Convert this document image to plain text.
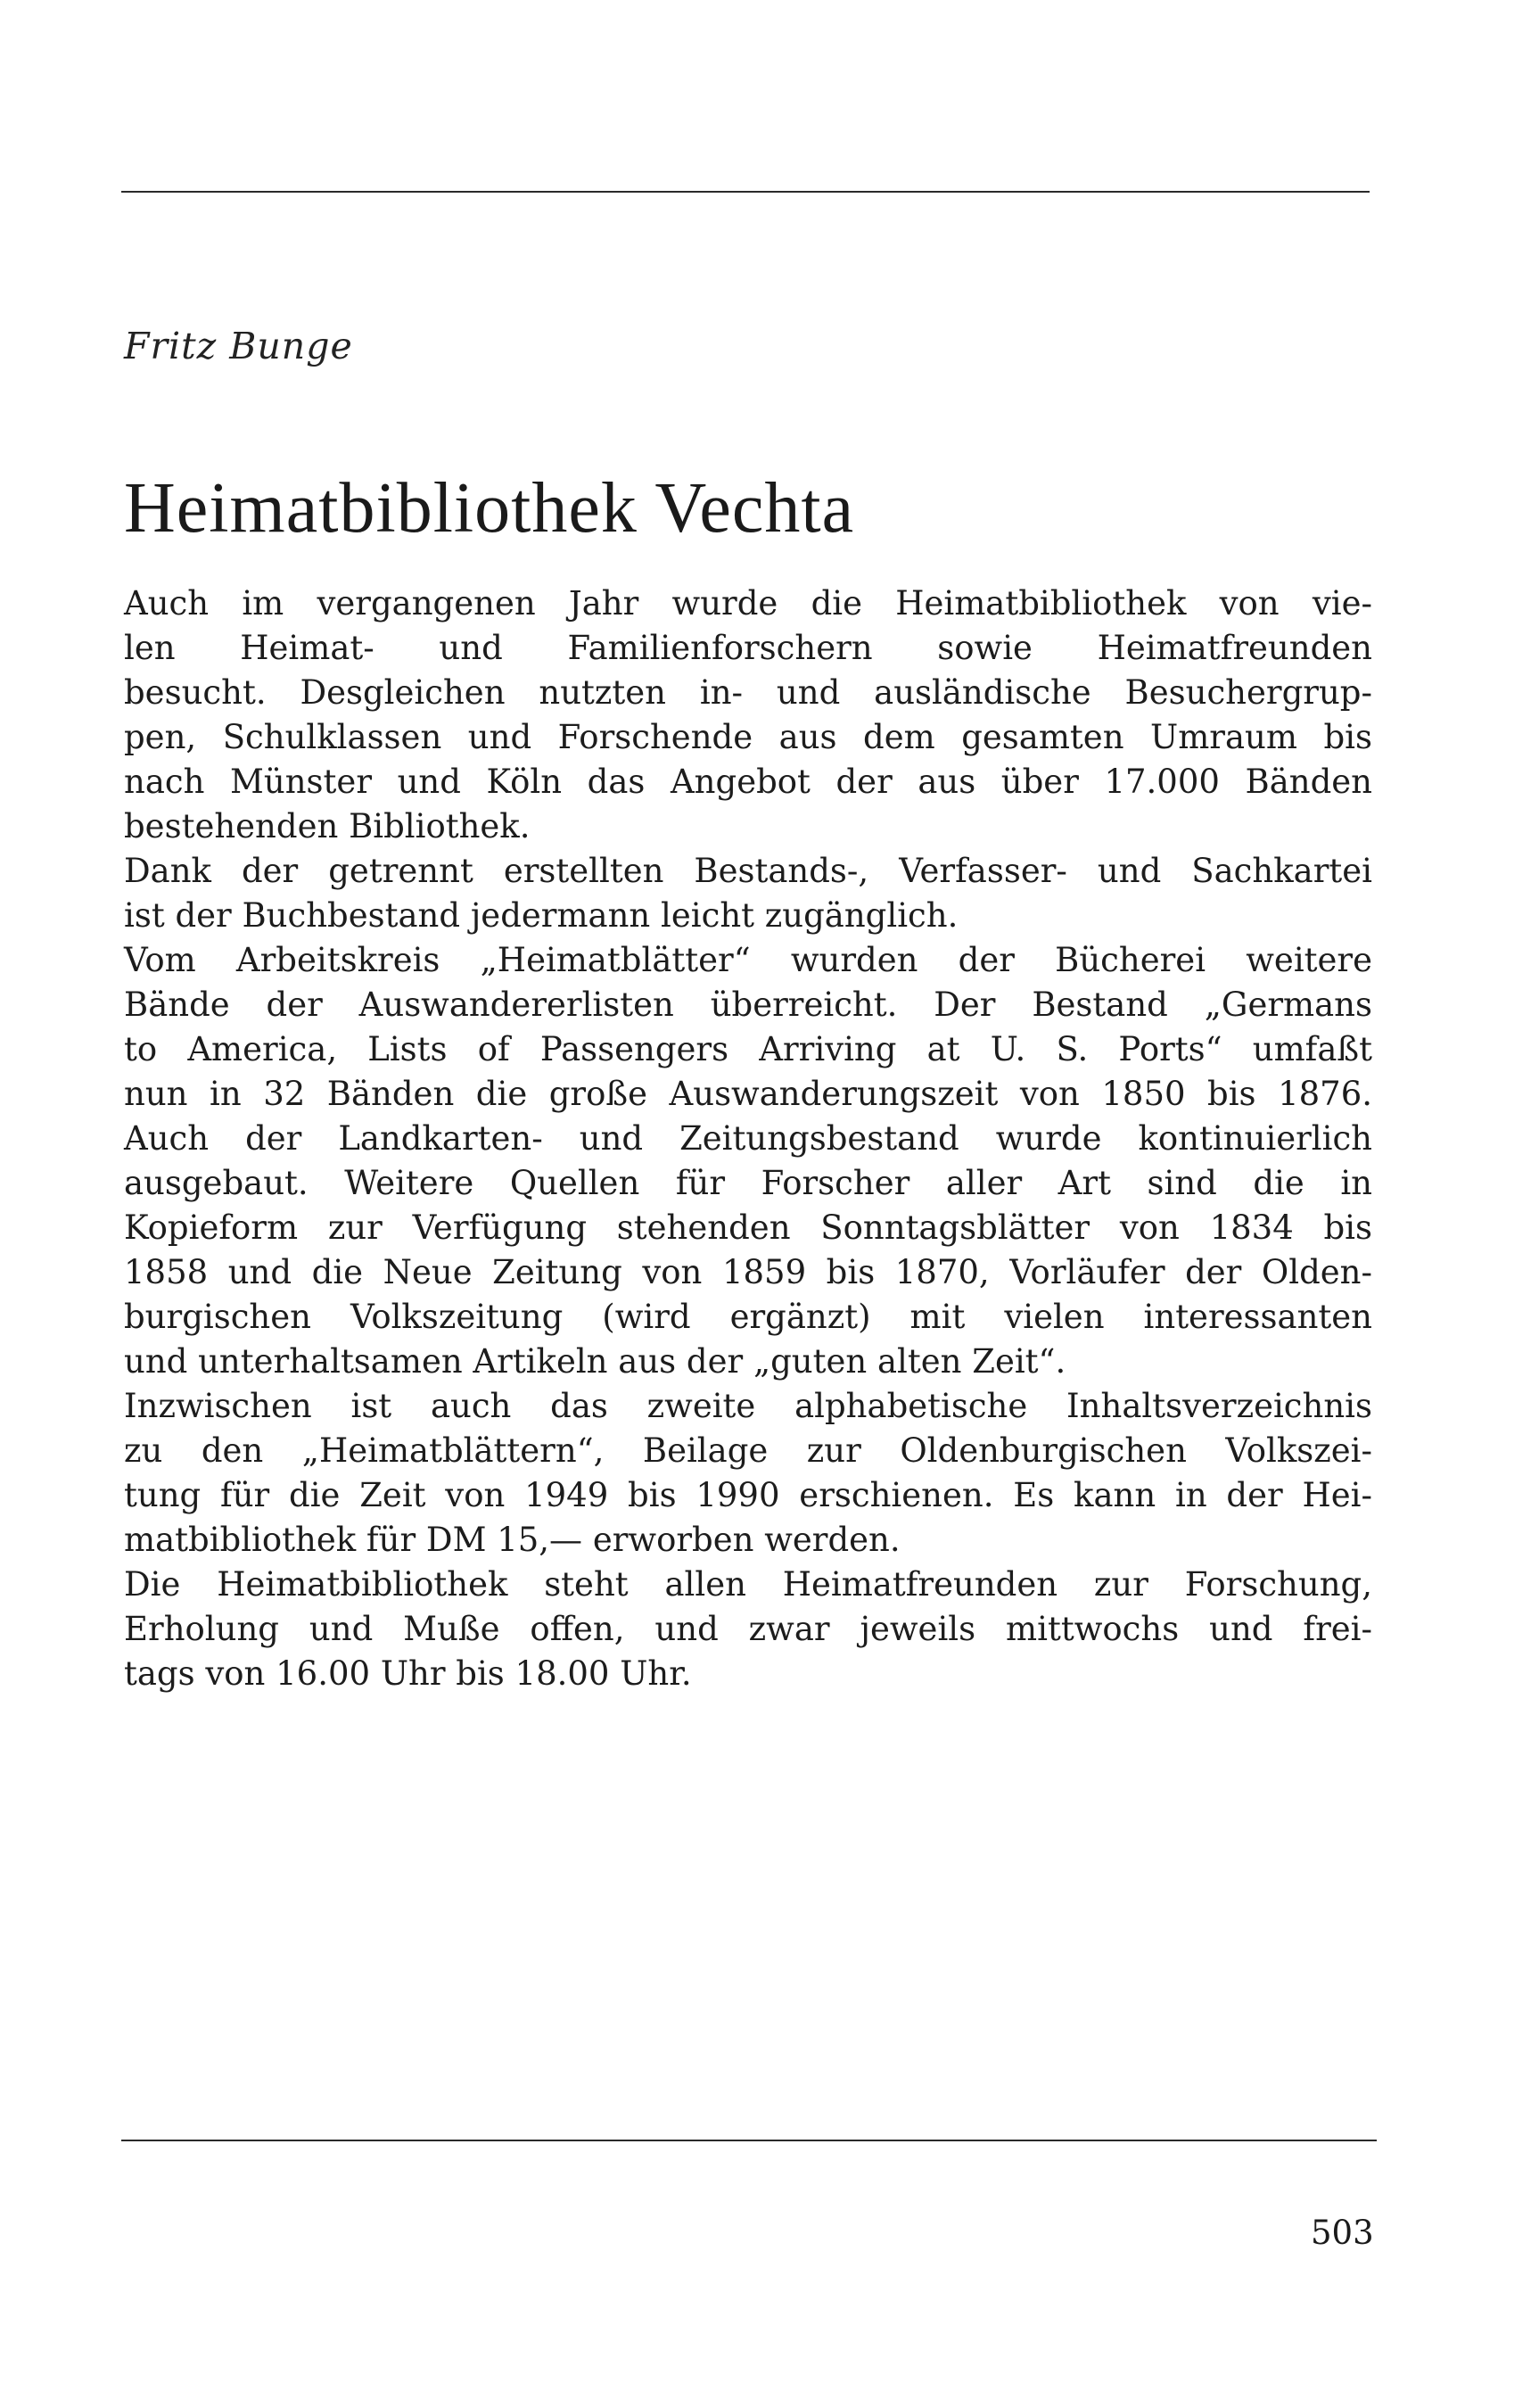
Fritz Bunge
Heimatbibliothek Vechta
Auch im vergangenen Jahr wurde die Heimatbibliothek von vie-
len Heimat- und Familienforschern sowie Heimatfreunden
besucht. Desgleichen nutzten in- und ausländische Besuchergrup-
pen, Schulklassen und Forschende aus dem gesamten Umraum bis
nach Münster und Köln das Angebot der aus über 17.000 Bänden
bestehenden Bibliothek.
Dank der getrennt erstellten Bestands-, Verfasser- und Sachkartei
ist der Buchbestand jedermann leicht zugänglich.
Vom Arbeitskreis „Heimatblätter“ wurden der Bücherei weitere
Bände der Auswandererlisten überreicht. Der Bestand „Germans
to America, Lists of Passengers Arriving at U. S. Ports“ umfaßt
nun in 32 Bänden die große Auswanderungszeit von 1850 bis 1876.
Auch der Landkarten- und Zeitungsbestand wurde kontinuierlich
ausgebaut. Weitere Quellen für Forscher aller Art sind die in
Kopieform zur Verfügung stehenden Sonntagsblätter von 1834 bis
1858 und die Neue Zeitung von 1859 bis 1870, Vorläufer der Olden-
burgischen Volkszeitung (wird ergänzt) mit vielen interessanten
und unterhaltsamen Artikeln aus der „guten alten Zeit“.
Inzwischen ist auch das zweite alphabetische Inhaltsverzeichnis
zu den „Heimatblättern“, Beilage zur Oldenburgischen Volkszei-
tung für die Zeit von 1949 bis 1990 erschienen. Es kann in der Hei-
matbibliothek für DM 15,— erworben werden.
Die Heimatbibliothek steht allen Heimatfreunden zur Forschung,
Erholung und Muße offen, und zwar jeweils mittwochs und frei-
tags von 16.00 Uhr bis 18.00 Uhr.
503
